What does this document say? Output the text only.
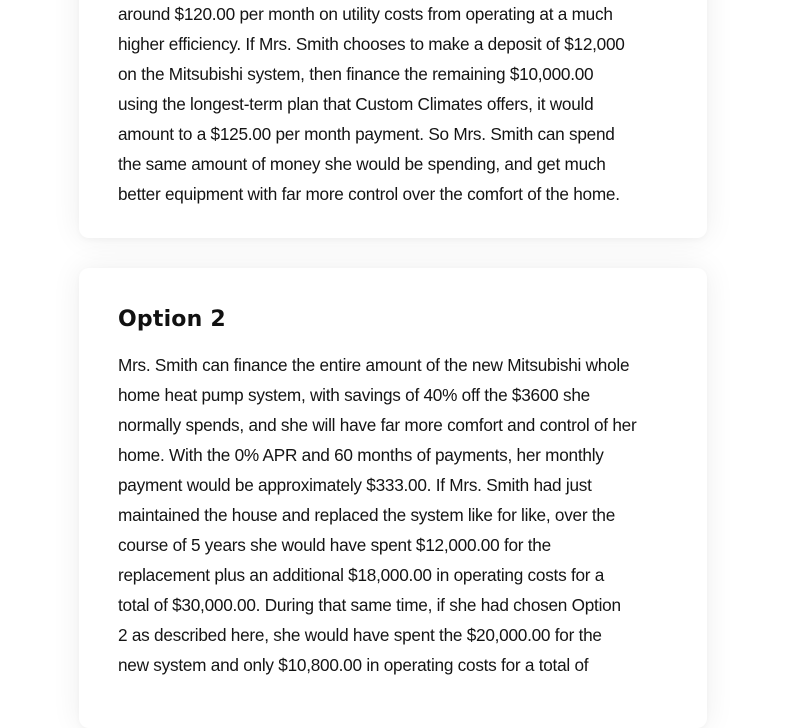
around $120.00 per month on utility costs from operating at a much
higher efficiency. If Mrs. Smith chooses to make a deposit of $12,000
on the Mitsubishi system, then finance the remaining $10,000.00
using the longest-term plan that Custom Climates offers, it would
amount to a $125.00 per month payment. So Mrs. Smith can spend
the same amount of money she would be spending, and get much
better equipment with far more control over the comfort of the home.

Option 2

Mrs. Smith can finance the entire amount of the new Mitsubishi whole
home heat pump system, with savings of 40% off the $3600 she
normally spends, and she will have far more comfort and control of her
home. With the 0% APR and 60 months of payments, her monthly
payment would be approximately $333.00. If Mrs. Smith had just
maintained the house and replaced the system like for like, over the
course of 5 years she would have spent $12,000.00 for the
replacement plus an additional $18,000.00 in operating costs for a
total of $30,000.00. During that same time, if she had chosen Option
2 as described here, she would have spent the $20,000.00 for the
new system and only $10,800.00 in operating costs for a total of
